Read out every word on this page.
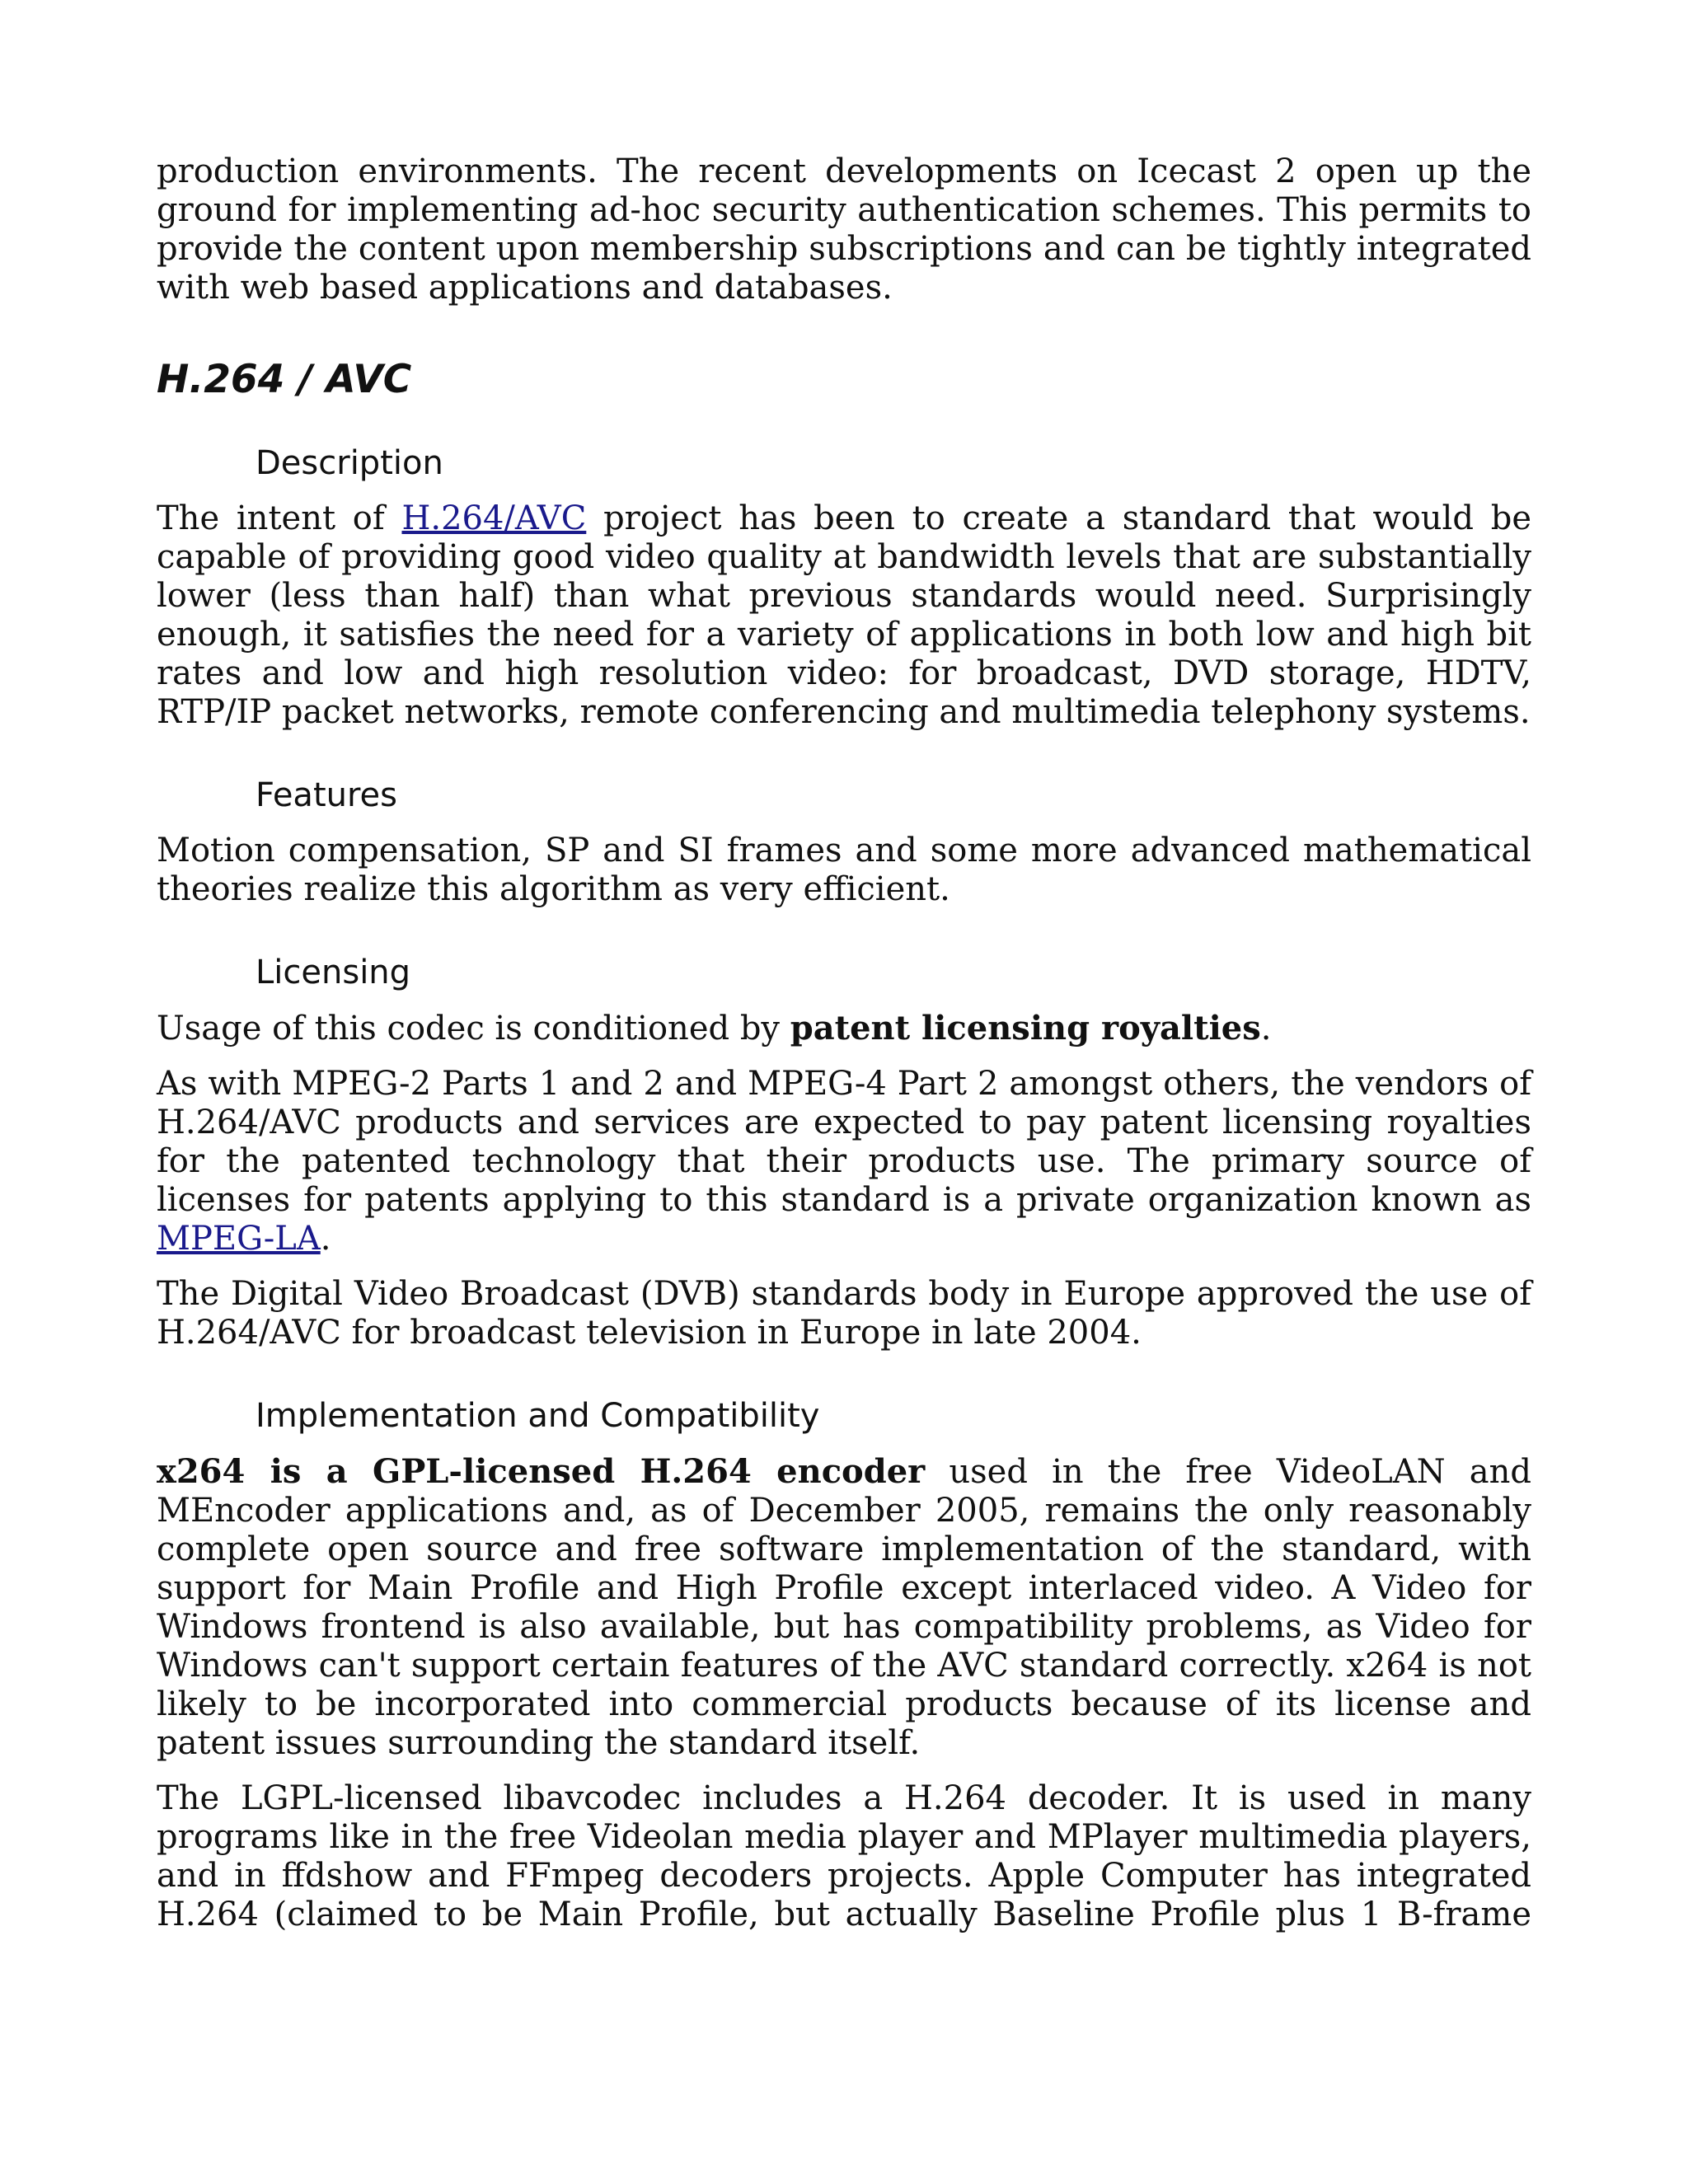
production environments. The recent developments on Icecast 2 open up the ground for implementing ad-hoc security authentication schemes. This permits to provide the content upon membership subscriptions and can be tightly integrated with web based applications and databases.

H.264 / AVC
Description

The intent of H.264/AVC project has been to create a standard that would be capable of providing good video quality at bandwidth levels that are substantially lower (less than half) than what previous standards would need. Surprisingly enough, it satisfies the need for a variety of applications in both low and high bit rates and low and high resolution video: for broadcast, DVD storage, HDTV, RTP/IP packet networks, remote conferencing and multimedia telephony systems.

Features

Motion compensation, SP and SI frames and some more advanced mathematical theories realize this algorithm as very efficient.

Licensing

Usage of this codec is conditioned by patent licensing royalties.

As with MPEG-2 Parts 1 and 2 and MPEG-4 Part 2 amongst others, the vendors of H.264/AVC products and services are expected to pay patent licensing royalties for the patented technology that their products use. The primary source of licenses for patents applying to this standard is a private organization known as MPEG-LA.

The Digital Video Broadcast (DVB) standards body in Europe approved the use of H.264/AVC for broadcast television in Europe in late 2004.

Implementation and Compatibility

x264 is a GPL-licensed H.264 encoder used in the free VideoLAN and MEncoder applications and, as of December 2005, remains the only reasonably complete open source and free software implementation of the standard, with support for Main Profile and High Profile except interlaced video. A Video for Windows frontend is also available, but has compatibility problems, as Video for Windows can't support certain features of the AVC standard correctly. x264 is not likely to be incorporated into commercial products because of its license and patent issues surrounding the standard itself.

The LGPL-licensed libavcodec includes a H.264 decoder. It is used in many programs like in the free Videolan media player and MPlayer multimedia players, and in ffdshow and FFmpeg decoders projects. Apple Computer has integrated H.264 (claimed to be Main Profile, but actually Baseline Profile plus 1 B-frame
